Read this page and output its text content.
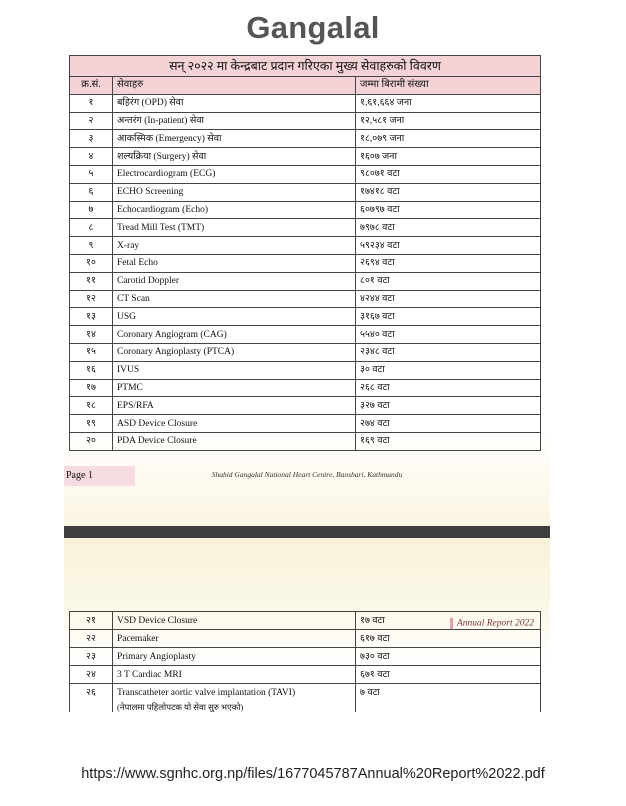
Gangalal
सन् २०२२ मा केन्द्रबाट प्रदान गरिएका मुख्य सेवाहरुको विवरण		
क्र.सं.	सेवाहरु	जम्मा बिरामी संख्या
१	बहिरंग (OPD) सेवा	१,६१,६६४ जना
२	अन्तरंग (In-patient) सेवा	१२,५८१ जना
३	आकस्मिक (Emergency) सेवा	१८,०७९ जना
४	शल्यक्रिया (Surgery) सेवा	१६०७ जना
५	Electrocardiogram (ECG)	९८०७१ वटा
६	ECHO Screening	१७४१८ वटा
७	Echocardiogram (Echo)	६०७९७ वटा
८	Tread Mill Test (TMT)	७९७८ वटा
९	X-ray	५९२३४ वटा
१०	Fetal Echo	२६९४ वटा
११	Carotid Doppler	८०१ वटा
१२	CT Scan	४२४४ वटा
१३	USG	३१६७ वटा
१४	Coronary Angiogram (CAG)	५५४० वटा
१५	Coronary Angioplasty (PTCA)	२३४८ वटा
१६	IVUS	३० वटा
१७	PTMC	२६८ वटा
१८	EPS/RFA	३२७ वटा
१९	ASD Device Closure	२७४ वटा
२०	PDA Device Closure	१६९ वटा
Page 1	Shahid Gangalal National Heart Centre, Bansbari, Kathmandu
Annual Report 2022
२१	VSD Device Closure	१७ वटा
२२	Pacemaker	६१७ वटा
२३	Primary Angioplasty	७३० वटा
२४	3 T Cardiac MRI	६७१ वटा
२६	Transcatheter aortic valve implantation (TAVI)
(नेपालमा पहिलोपटक यो सेवा सुरु भएको)	७ वटा
https://www.sgnhc.org.np/files/1677045787Annual%20Report%2022.pdf
